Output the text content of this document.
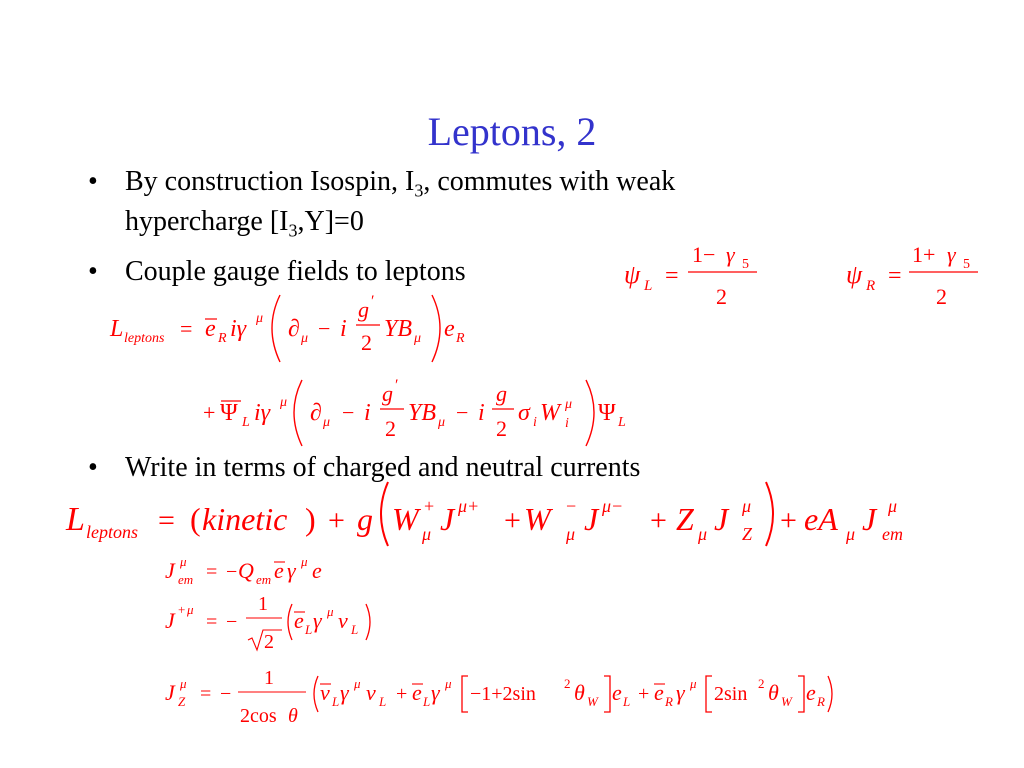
Leptons, 2
• By construction Isospin, $I_3$, commutes with weak
hypercharge $[I_3,Y]=0$
• Couple gauge fields to leptons
• Write in terms of charged and neutral currents
ψ L =
1− γ 5
2
ψ R =
1+ γ 5
2
L leptons = e R iγ μ ∂ μ − i
g ′
2
YB μ e R
+ Ψ L iγ μ ∂ μ − i
g ′
2
YB μ − i
g
2
σ i W μ
i Ψ L
L leptons = ( kinetic ) + g W +
μ J μ+ + W −
μ J μ− + Z μ J μ
Z + eA μ J μ
em
J μ
em = − Q em e γ μ e
J + μ
= −
1
2
e L γ μ ν L
J μ
Z = −
1
2cos θ
ν L γ μ ν L + e L γ μ −1+2sin 2 θ W e L + e R γ μ 2sin 2 θ W e R
